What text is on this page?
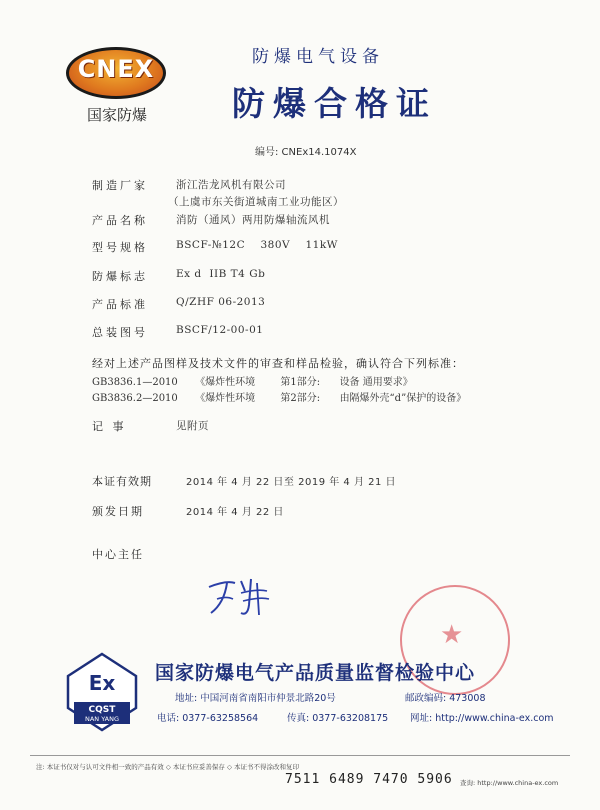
CNEX
国家防爆
防爆电气设备
防爆合格证
编号: CNEx14.1074X
制造厂家	浙江浩龙风机有限公司
（上虞市东关街道城南工业功能区）
产品名称	消防（通风）两用防爆轴流风机
型号规格	BSCF-№12C    380V    11kW
防爆标志	Ex d  IIB T4 Gb
产品标准	Q/ZHF 06-2013
总装图号	BSCF/12-00-01
经对上述产品图样及技术文件的审查和样品检验，确认符合下列标准：
GB3836.1—2010 《爆炸性环境	第1部分: 设备 通用要求》
GB3836.2—2010 《爆炸性环境	第2部分: 由隔爆外壳“d”保护的设备》
记 事	见附页
本证有效期	2014 年 4 月 22 日至 2019 年 4 月 21 日
颁发日期	2014 年 4 月 22 日
中心主任
★
Ex
CQST
NAN YANG
国家防爆电气产品质量监督检验中心
地址: 中国河南省南阳市仲景北路20号	邮政编码: 473008
电话: 0377-63258564	传真: 0377-63208175 网址: http://www.china-ex.com
注: 本证书仅对与认可文件相一致的产品有效 ◇ 本证书应妥善保存 ◇ 本证书不得涂改和复印
7511 6489 7470 5906 查询: http://www.china-ex.com
